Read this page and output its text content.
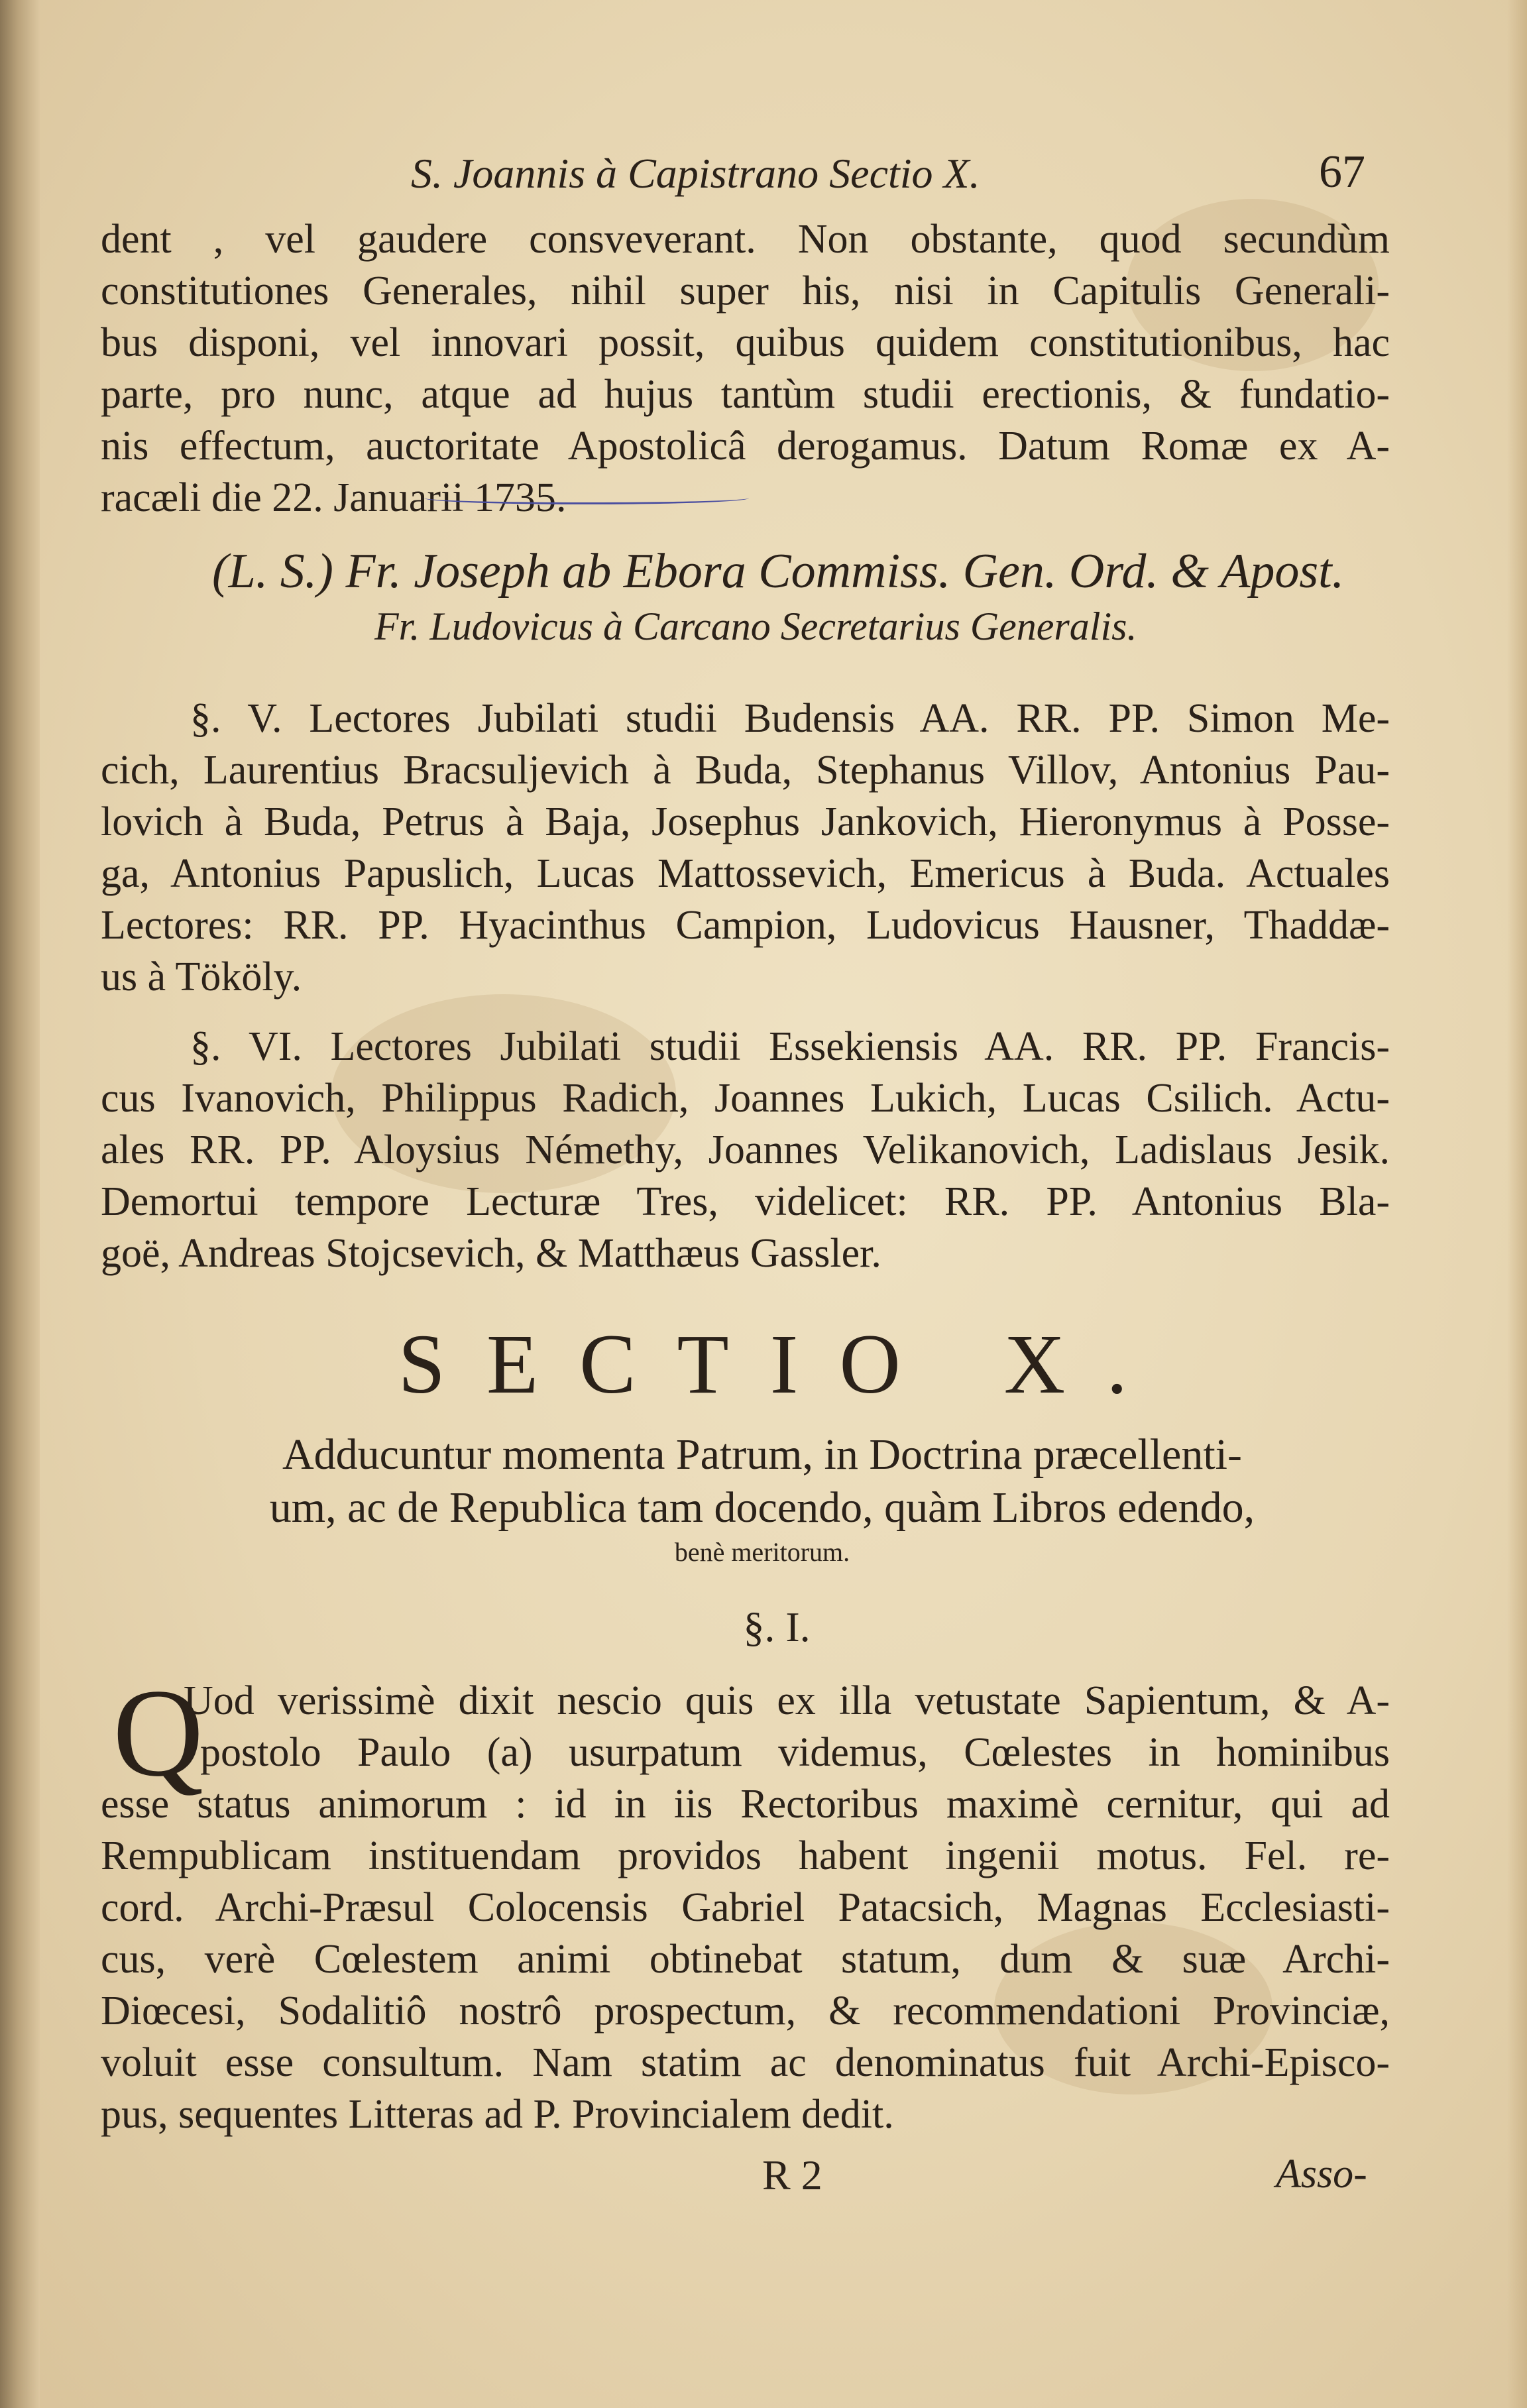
S. Joannis à Capistrano Sectio X.	67
dent , vel gaudere consveverant. Non obstante, quod secundùm
constitutiones Generales, nihil super his, nisi in Capitulis Generali-
bus disponi, vel innovari possit, quibus quidem constitutionibus, hac
parte, pro nunc, atque ad hujus tantùm studii erectionis, & fundatio-
nis effectum, auctoritate Apostolicâ derogamus. Datum Romæ ex A-
racæli die 22. Januarii 1735.
(L. S.) Fr. Joseph ab Ebora Commiss. Gen. Ord. & Apost.
Fr. Ludovicus à Carcano Secretarius Generalis.
§. V. Lectores Jubilati studii Budensis AA. RR. PP. Simon Me-
cich, Laurentius Bracsuljevich à Buda, Stephanus Villov, Antonius Pau-
lovich à Buda, Petrus à Baja, Josephus Jankovich, Hieronymus à Posse-
ga, Antonius Papuslich, Lucas Mattossevich, Emericus à Buda. Actuales
Lectores: RR. PP. Hyacinthus Campion, Ludovicus Hausner, Thaddæ-
us à Tököly.
§. VI. Lectores Jubilati studii Essekiensis AA. RR. PP. Francis-
cus Ivanovich, Philippus Radich, Joannes Lukich, Lucas Csilich. Actu-
ales RR. PP. Aloysius Némethy, Joannes Velikanovich, Ladislaus Jesik.
Demortui tempore Lecturæ Tres, videlicet: RR. PP. Antonius Bla-
goë, Andreas Stojcsevich, & Matthæus Gassler.
SECTIO X.
Adducuntur momenta Patrum, in Doctrina præcellenti-
um, ac de Republica tam docendo, quàm Libros edendo,
benè meritorum.
§. I.
Q
Uod verissimè dixit nescio quis ex illa vetustate Sapientum, & A-
postolo Paulo (a) usurpatum videmus, Cœlestes in hominibus
esse status animorum : id in iis Rectoribus maximè cernitur, qui ad
Rempublicam instituendam providos habent ingenii motus. Fel. re-
cord. Archi-Præsul Colocensis Gabriel Patacsich, Magnas Ecclesiasti-
cus, verè Cœlestem animi obtinebat statum, dum & suæ Archi-
Diœcesi, Sodalitiô nostrô prospectum, & recommendationi Provinciæ,
voluit esse consultum. Nam statim ac denominatus fuit Archi-Episco-
pus, sequentes Litteras ad P. Provincialem dedit.
R 2	Asso-
